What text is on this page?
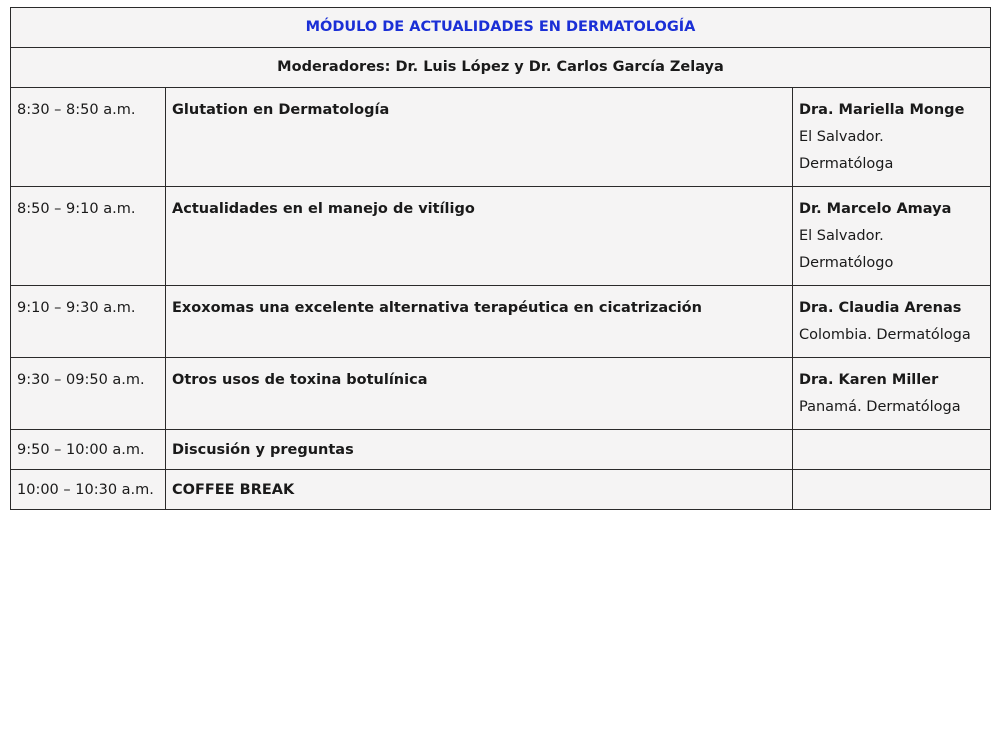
MÓDULO DE ACTUALIDADES EN DERMATOLOGÍA		
Moderadores: Dr. Luis López y Dr. Carlos García Zelaya		
8:30 – 8:50 a.m.	Glutation en Dermatología	Dra. Mariella Monge
El Salvador.
Dermatóloga

8:50 – 9:10 a.m.	Actualidades en el manejo de vitíligo	Dr. Marcelo Amaya
El Salvador.
Dermatólogo

9:10 – 9:30 a.m.	Exoxomas una excelente alternativa terapéutica en cicatrización	Dra. Claudia Arenas
Colombia. Dermatóloga

9:30 – 09:50 a.m.	Otros usos de toxina botulínica	Dra. Karen Miller
Panamá. Dermatóloga

9:50 – 10:00 a.m.	Discusión y preguntas	
10:00 – 10:30 a.m.	COFFEE BREAK	
